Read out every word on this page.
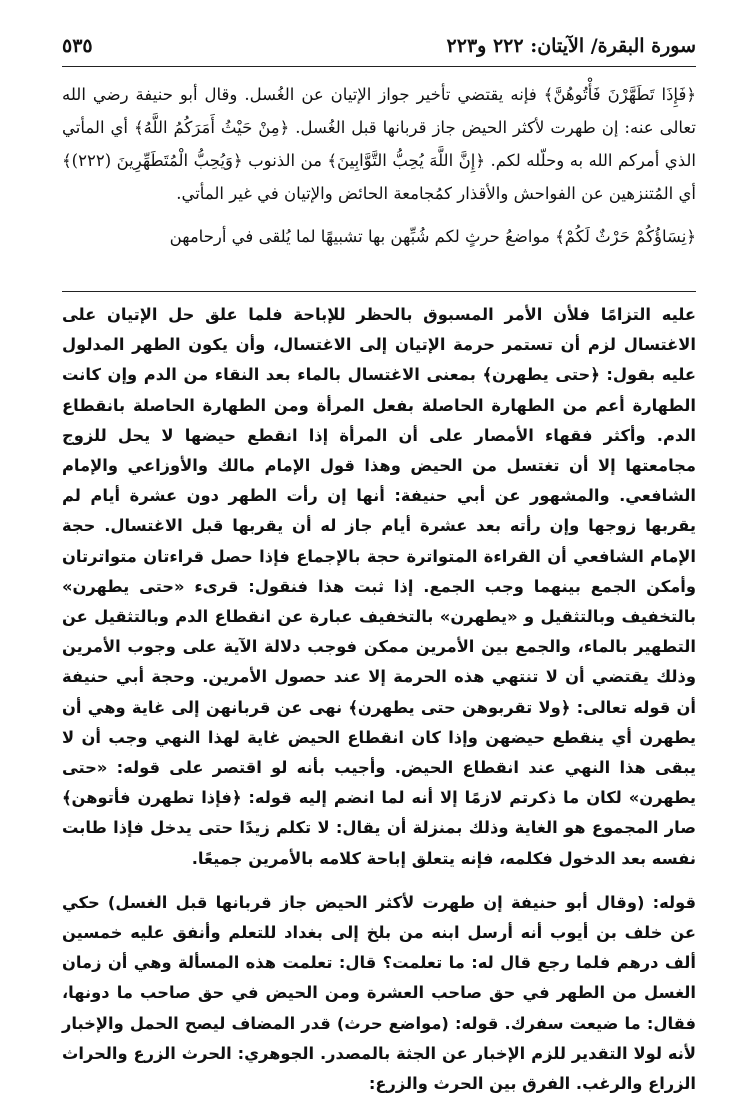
سورة البقرة/ الآيتان: ٢٢٢ و٢٢٣
٥٣٥

﴿فَإِذَا تَطَهَّرْنَ فَأْتُوهُنَّ﴾ فإنه يقتضي تأخير جواز الإتيان عن الغُسل. وقال أبو حنيفة رضي الله تعالى عنه: إن طهرت لأكثر الحيض جاز قربانها قبل الغُسل. ﴿مِنْ حَيْثُ أَمَرَكُمُ اللَّهُ﴾ أي المأتي الذي أمركم الله به وحلّله لكم. ﴿إِنَّ اللَّهَ يُحِبُّ التَّوَّابِينَ﴾ من الذنوب ﴿وَيُحِبُّ الْمُتَطَهِّرِينَ (٢٢٢)﴾ أي المُتنزهين عن الفواحش والأقذار كمُجامعة الحائض والإتيان في غير المأتي.

﴿نِسَاؤُكُمْ حَرْثٌ لَكُمْ﴾ مواضعُ حرثٍ لكم شُبِّهن بها تشبيهًا لما يُلقى في أرحامهن

عليه التزامًا فلأن الأمر المسبوق بالحظر للإباحة فلما علق حل الإتيان على الاغتسال لزم أن تستمر حرمة الإتيان إلى الاغتسال، وأن يكون الطهر المدلول عليه بقول: ﴿حتى يطهرن﴾ بمعنى الاغتسال بالماء بعد النقاء من الدم وإن كانت الطهارة أعم من الطهارة الحاصلة بفعل المرأة ومن الطهارة الحاصلة بانقطاع الدم. وأكثر فقهاء الأمصار على أن المرأة إذا انقطع حيضها لا يحل للزوج مجامعتها إلا أن تغتسل من الحيض وهذا قول الإمام مالك والأوزاعي والإمام الشافعي. والمشهور عن أبي حنيفة: أنها إن رأت الطهر دون عشرة أيام لم يقربها زوجها وإن رأته بعد عشرة أيام جاز له أن يقربها قبل الاغتسال. حجة الإمام الشافعي أن القراءة المتواترة حجة بالإجماع فإذا حصل قراءتان متواترتان وأمكن الجمع بينهما وجب الجمع. إذا ثبت هذا فنقول: قرىء «حتى يطهرن» بالتخفيف وبالتثقيل و «يطهرن» بالتخفيف عبارة عن انقطاع الدم وبالتثقيل عن التطهير بالماء، والجمع بين الأمرين ممكن فوجب دلالة الآية على وجوب الأمرين وذلك يقتضي أن لا تنتهي هذه الحرمة إلا عند حصول الأمرين. وحجة أبي حنيفة أن قوله تعالى: ﴿ولا تقربوهن حتى يطهرن﴾ نهى عن قربانهن إلى غاية وهي أن يطهرن أي ينقطع حيضهن وإذا كان انقطاع الحيض غاية لهذا النهي وجب أن لا يبقى هذا النهي عند انقطاع الحيض. وأجيب بأنه لو اقتصر على قوله: «حتى يطهرن» لكان ما ذكرتم لازمًا إلا أنه لما انضم إليه قوله: ﴿فإذا تطهرن فأتوهن﴾ صار المجموع هو الغاية وذلك بمنزلة أن يقال: لا تكلم زيدًا حتى يدخل فإذا طابت نفسه بعد الدخول فكلمه، فإنه يتعلق إباحة كلامه بالأمرين جميعًا.

قوله: (وقال أبو حنيفة إن طهرت لأكثر الحيض جاز قربانها قبل الغسل) حكي عن خلف بن أيوب أنه أرسل ابنه من بلخ إلى بغداد للتعلم وأنفق عليه خمسين ألف درهم فلما رجع قال له: ما تعلمت؟ قال: تعلمت هذه المسألة وهي أن زمان الغسل من الطهر في حق صاحب العشرة ومن الحيض في حق صاحب ما دونها، فقال: ما ضيعت سفرك. قوله: (مواضع حرث) قدر المضاف ليصح الحمل والإخبار لأنه لولا التقدير للزم الإخبار عن الجثة بالمصدر. الجوهري: الحرث الزرع والحراث الزراع والرغب. الفرق بين الحرث والزرع:
